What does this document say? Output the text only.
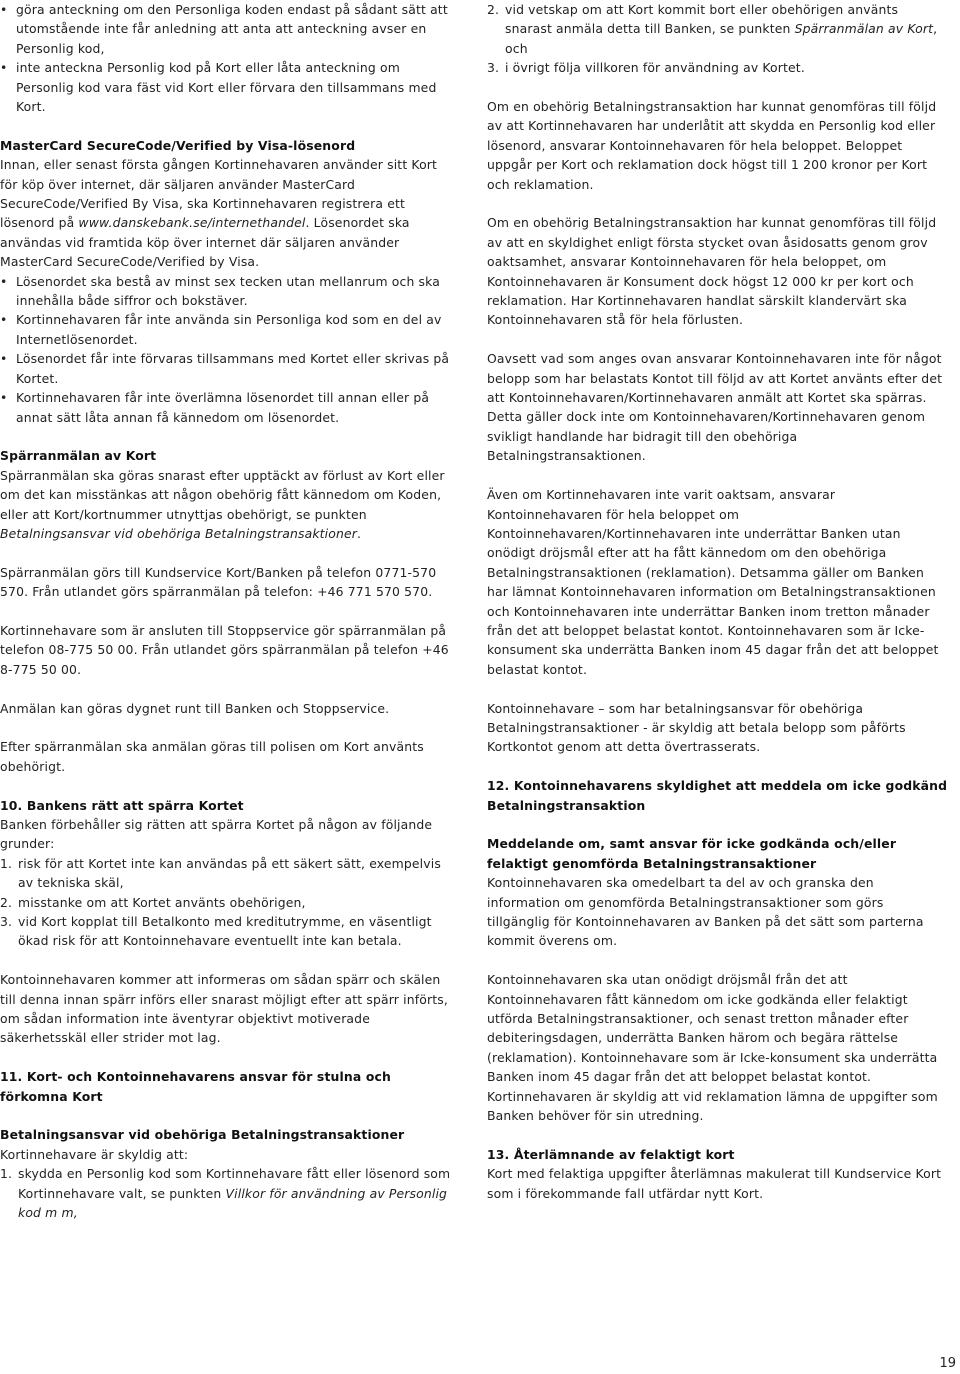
• göra anteckning om den Personliga koden endast på sådant sätt att utomstående inte får anledning att anta att anteckning avser en Personlig kod,
• inte anteckna Personlig kod på Kort eller låta anteckning om Personlig kod vara fäst vid Kort eller förvara den tillsammans med Kort.

MasterCard SecureCode/Verified by Visa-lösenord

Innan, eller senast första gången Kortinnehavaren använder sitt Kort för köp över internet, där säljaren använder MasterCard SecureCode/Verified By Visa, ska Kortinnehavaren registrera ett lösenord på www.danskebank.se/internethandel. Lösenordet ska användas vid framtida köp över internet där säljaren använder MasterCard SecureCode/Verified by Visa.

• Lösenordet ska bestå av minst sex tecken utan mellanrum och ska innehålla både siffror och bokstäver.
• Kortinnehavaren får inte använda sin Personliga kod som en del av Internetlösenordet.
• Lösenordet får inte förvaras tillsammans med Kortet eller skrivas på Kortet.
• Kortinnehavaren får inte överlämna lösenordet till annan eller på annat sätt låta annan få kännedom om lösenordet.

Spärranmälan av Kort

Spärranmälan ska göras snarast efter upptäckt av förlust av Kort eller om det kan misstänkas att någon obehörig fått kännedom om Koden, eller att Kort/kortnummer utnyttjas obehörigt, se punkten Betalningsansvar vid obehöriga Betalningstransaktioner.

Spärranmälan görs till Kundservice Kort/Banken på telefon 0771-570 570. Från utlandet görs spärranmälan på telefon: +46 771 570 570.

Kortinnehavare som är ansluten till Stoppservice gör spärranmälan på telefon 08-775 50 00. Från utlandet görs spärranmälan på telefon +46 8-775 50 00.

Anmälan kan göras dygnet runt till Banken och Stoppservice.

Efter spärranmälan ska anmälan göras till polisen om Kort använts obehörigt.

10. Bankens rätt att spärra Kortet

Banken förbehåller sig rätten att spärra Kortet på någon av följande grunder:

1. risk för att Kortet inte kan användas på ett säkert sätt, exempelvis av tekniska skäl,
2. misstanke om att Kortet använts obehörigen,
3. vid Kort kopplat till Betalkonto med kreditutrymme, en väsentligt ökad risk för att Kontoinnehavare eventuellt inte kan betala.

Kontoinnehavaren kommer att informeras om sådan spärr och skälen till denna innan spärr införs eller snarast möjligt efter att spärr införts, om sådan information inte äventyrar objektivt motiverade säkerhetsskäl eller strider mot lag.

11. Kort- och Kontoinnehavarens ansvar för stulna och förkomna Kort

Betalningsansvar vid obehöriga Betalningstransaktioner

Kortinnehavare är skyldig att:

1. skydda en Personlig kod som Kortinnehavare fått eller lösenord som Kortinnehavare valt, se punkten Villkor för användning av Personlig kod m m,
2. vid vetskap om att Kort kommit bort eller obehörigen använts snarast anmäla detta till Banken, se punkten Spärranmälan av Kort, och
3. i övrigt följa villkoren för användning av Kortet.

Om en obehörig Betalningstransaktion har kunnat genomföras till följd av att Kortinnehavaren har underlåtit att skydda en Personlig kod eller lösenord, ansvarar Kontoinnehavaren för hela beloppet. Beloppet uppgår per Kort och reklamation dock högst till 1 200 kronor per Kort och reklamation.

Om en obehörig Betalningstransaktion har kunnat genomföras till följd av att en skyldighet enligt första stycket ovan åsidosatts genom grov oaktsamhet, ansvarar Kontoinnehavaren för hela beloppet, om Kontoinnehavaren är Konsument dock högst 12 000 kr per kort och reklamation. Har Kortinnehavaren handlat särskilt klandervärt ska Kontoinnehavaren stå för hela förlusten.

Oavsett vad som anges ovan ansvarar Kontoinnehavaren inte för något belopp som har belastats Kontot till följd av att Kortet använts efter det att Kontoinnehavaren/Kortinnehavaren anmält att Kortet ska spärras. Detta gäller dock inte om Kontoinnehavaren/Kortinnehavaren genom svikligt handlande har bidragit till den obehöriga Betalningstransaktionen.

Även om Kortinnehavaren inte varit oaktsam, ansvarar Kontoinnehavaren för hela beloppet om Kontoinnehavaren/Kortinnehavaren inte underrättar Banken utan onödigt dröjsmål efter att ha fått kännedom om den obehöriga Betalningstransaktionen (reklamation). Detsamma gäller om Banken har lämnat Kontoinnehavaren information om Betalningstransaktionen och Kontoinnehavaren inte underrättar Banken inom tretton månader från det att beloppet belastat kontot. Kontoinnehavaren som är Icke-konsument ska underrätta Banken inom 45 dagar från det att beloppet belastat kontot.

Kontoinnehavare – som har betalningsansvar för obehöriga Betalningstransaktioner - är skyldig att betala belopp som påförts Kortkontot genom att detta övertrasserats.

12. Kontoinnehavarens skyldighet att meddela om icke godkänd Betalningstransaktion

Meddelande om, samt ansvar för icke godkända och/eller felaktigt genomförda Betalningstransaktioner

Kontoinnehavaren ska omedelbart ta del av och granska den information om genomförda Betalningstransaktioner som görs tillgänglig för Kontoinnehavaren av Banken på det sätt som parterna kommit överens om.

Kontoinnehavaren ska utan onödigt dröjsmål från det att Kontoinnehavaren fått kännedom om icke godkända eller felaktigt utförda Betalningstransaktioner, och senast tretton månader efter debiteringsdagen, underrätta Banken härom och begära rättelse (reklamation). Kontoinnehavare som är Icke-konsument ska underrätta Banken inom 45 dagar från det att beloppet belastat kontot.

Kortinnehavaren är skyldig att vid reklamation lämna de uppgifter som Banken behöver för sin utredning.

13. Återlämnande av felaktigt kort

Kort med felaktiga uppgifter återlämnas makulerat till Kundservice Kort som i förekommande fall utfärdar nytt Kort.

19
